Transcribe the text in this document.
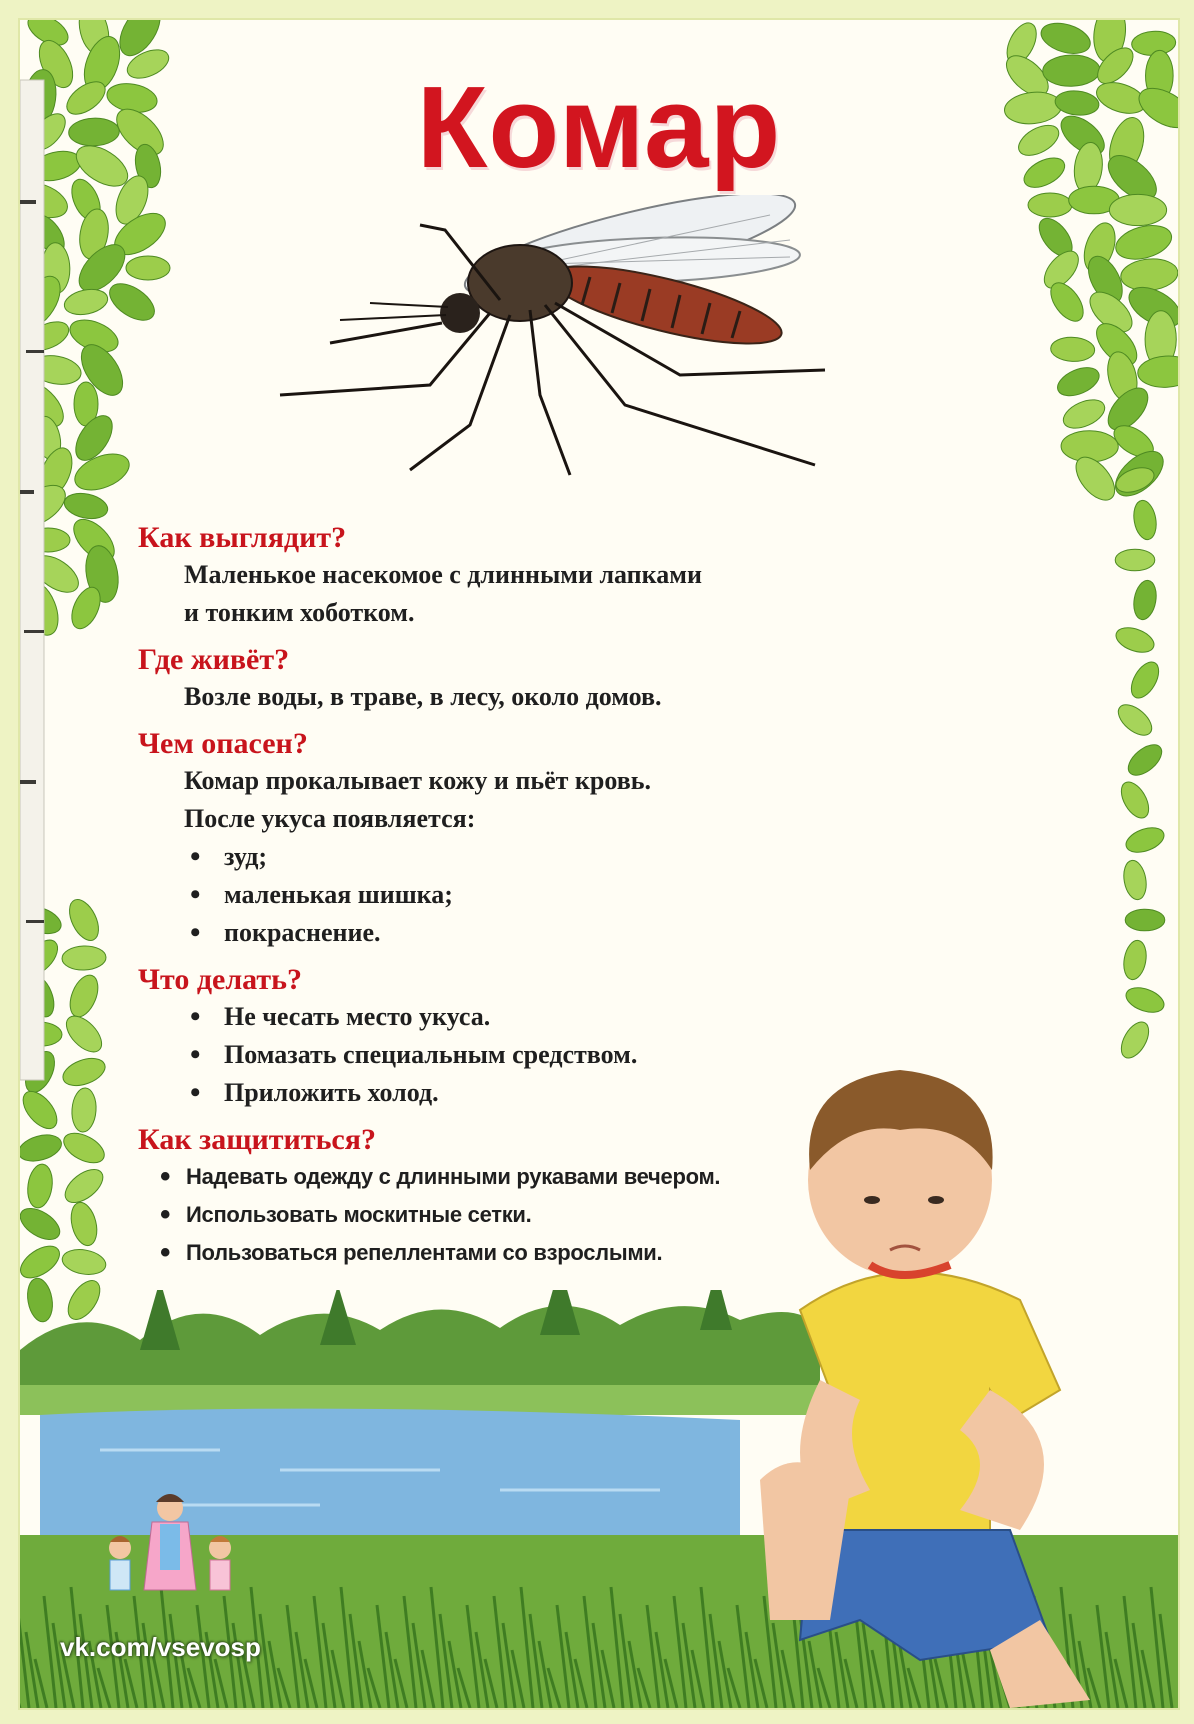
Комар

Как выглядит?

Маленькое насекомое с длинными лапками

и тонким хоботком.

Где живёт?

Возле воды, в траве, в лесу, около домов.

Чем опасен?

Комар прокалывает кожу и пьёт кровь.

После укуса появляется:

• зуд;
• маленькая шишка;
• покраснение.

Что делать?

• Не чесать место укуса.
• Помазать специальным средством.
• Приложить холод.

Как защититься?

• Надевать одежду с длинными рукавами вечером.
• Использовать москитные сетки.
• Пользоваться репеллентами со взрослыми.
vk.com/vsevosp
